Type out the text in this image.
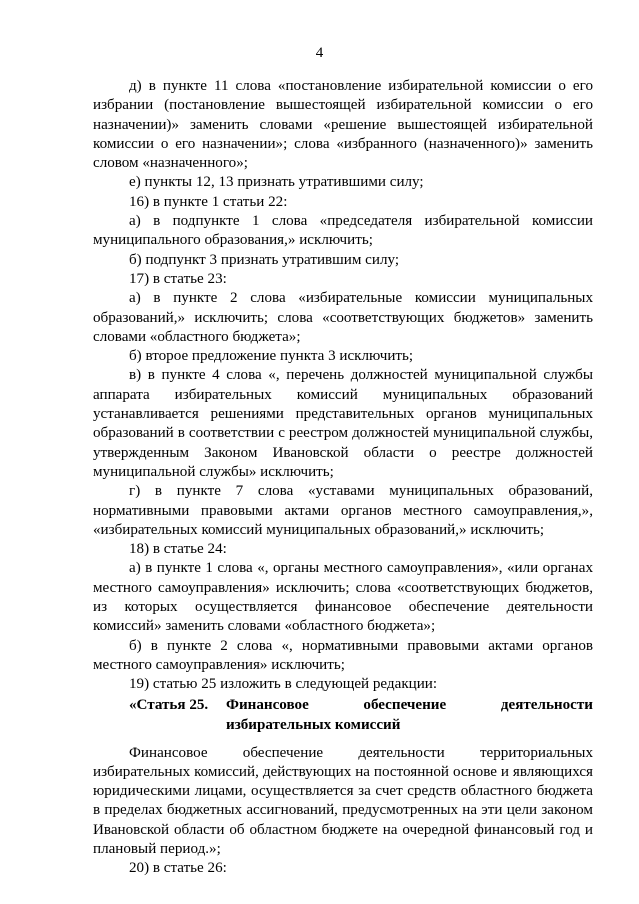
4

д) в пункте 11 слова «постановление избирательной комиссии о его избрании (постановление вышестоящей избирательной комиссии о его назначении)» заменить словами «решение вышестоящей избирательной комиссии о его назначении»; слова «избранного (назначенного)» заменить словом «назначенного»;

е) пункты 12, 13 признать утратившими силу;

16) в пункте 1 статьи 22:

а) в подпункте 1 слова «председателя избирательной комиссии муниципального образования,» исключить;

б) подпункт 3 признать утратившим силу;

17) в статье 23:

а) в пункте 2 слова «избирательные комиссии муниципальных образований,» исключить; слова «соответствующих бюджетов» заменить словами «областного бюджета»;

б) второе предложение пункта 3 исключить;

в) в пункте 4 слова «, перечень должностей муниципальной службы аппарата избирательных комиссий муниципальных образований устанавливается решениями представительных органов муниципальных образований в соответствии с реестром должностей муниципальной службы, утвержденным Законом Ивановской области о реестре должностей муниципальной службы» исключить;

г) в пункте 7 слова «уставами муниципальных образований, нормативными правовыми актами органов местного самоуправления,», «избирательных комиссий муниципальных образований,» исключить;

18) в статье 24:

а) в пункте 1 слова «, органы местного самоуправления», «или органах местного самоуправления» исключить; слова «соответствующих бюджетов, из которых осуществляется финансовое обеспечение деятельности комиссий» заменить словами «областного бюджета»;

б) в пункте 2 слова «, нормативными правовыми актами органов местного самоуправления» исключить;

19) статью 25 изложить в следующей редакции:

«Статья 25.	Финансовое	обеспечение	деятельности
избирательных комиссий

Финансовое обеспечение деятельности территориальных избирательных комиссий, действующих на постоянной основе и являющихся юридическими лицами, осуществляется за счет средств областного бюджета в пределах бюджетных ассигнований, предусмотренных на эти цели законом Ивановской области об областном бюджете на очередной финансовый год и плановый период.»;

20) в статье 26:
